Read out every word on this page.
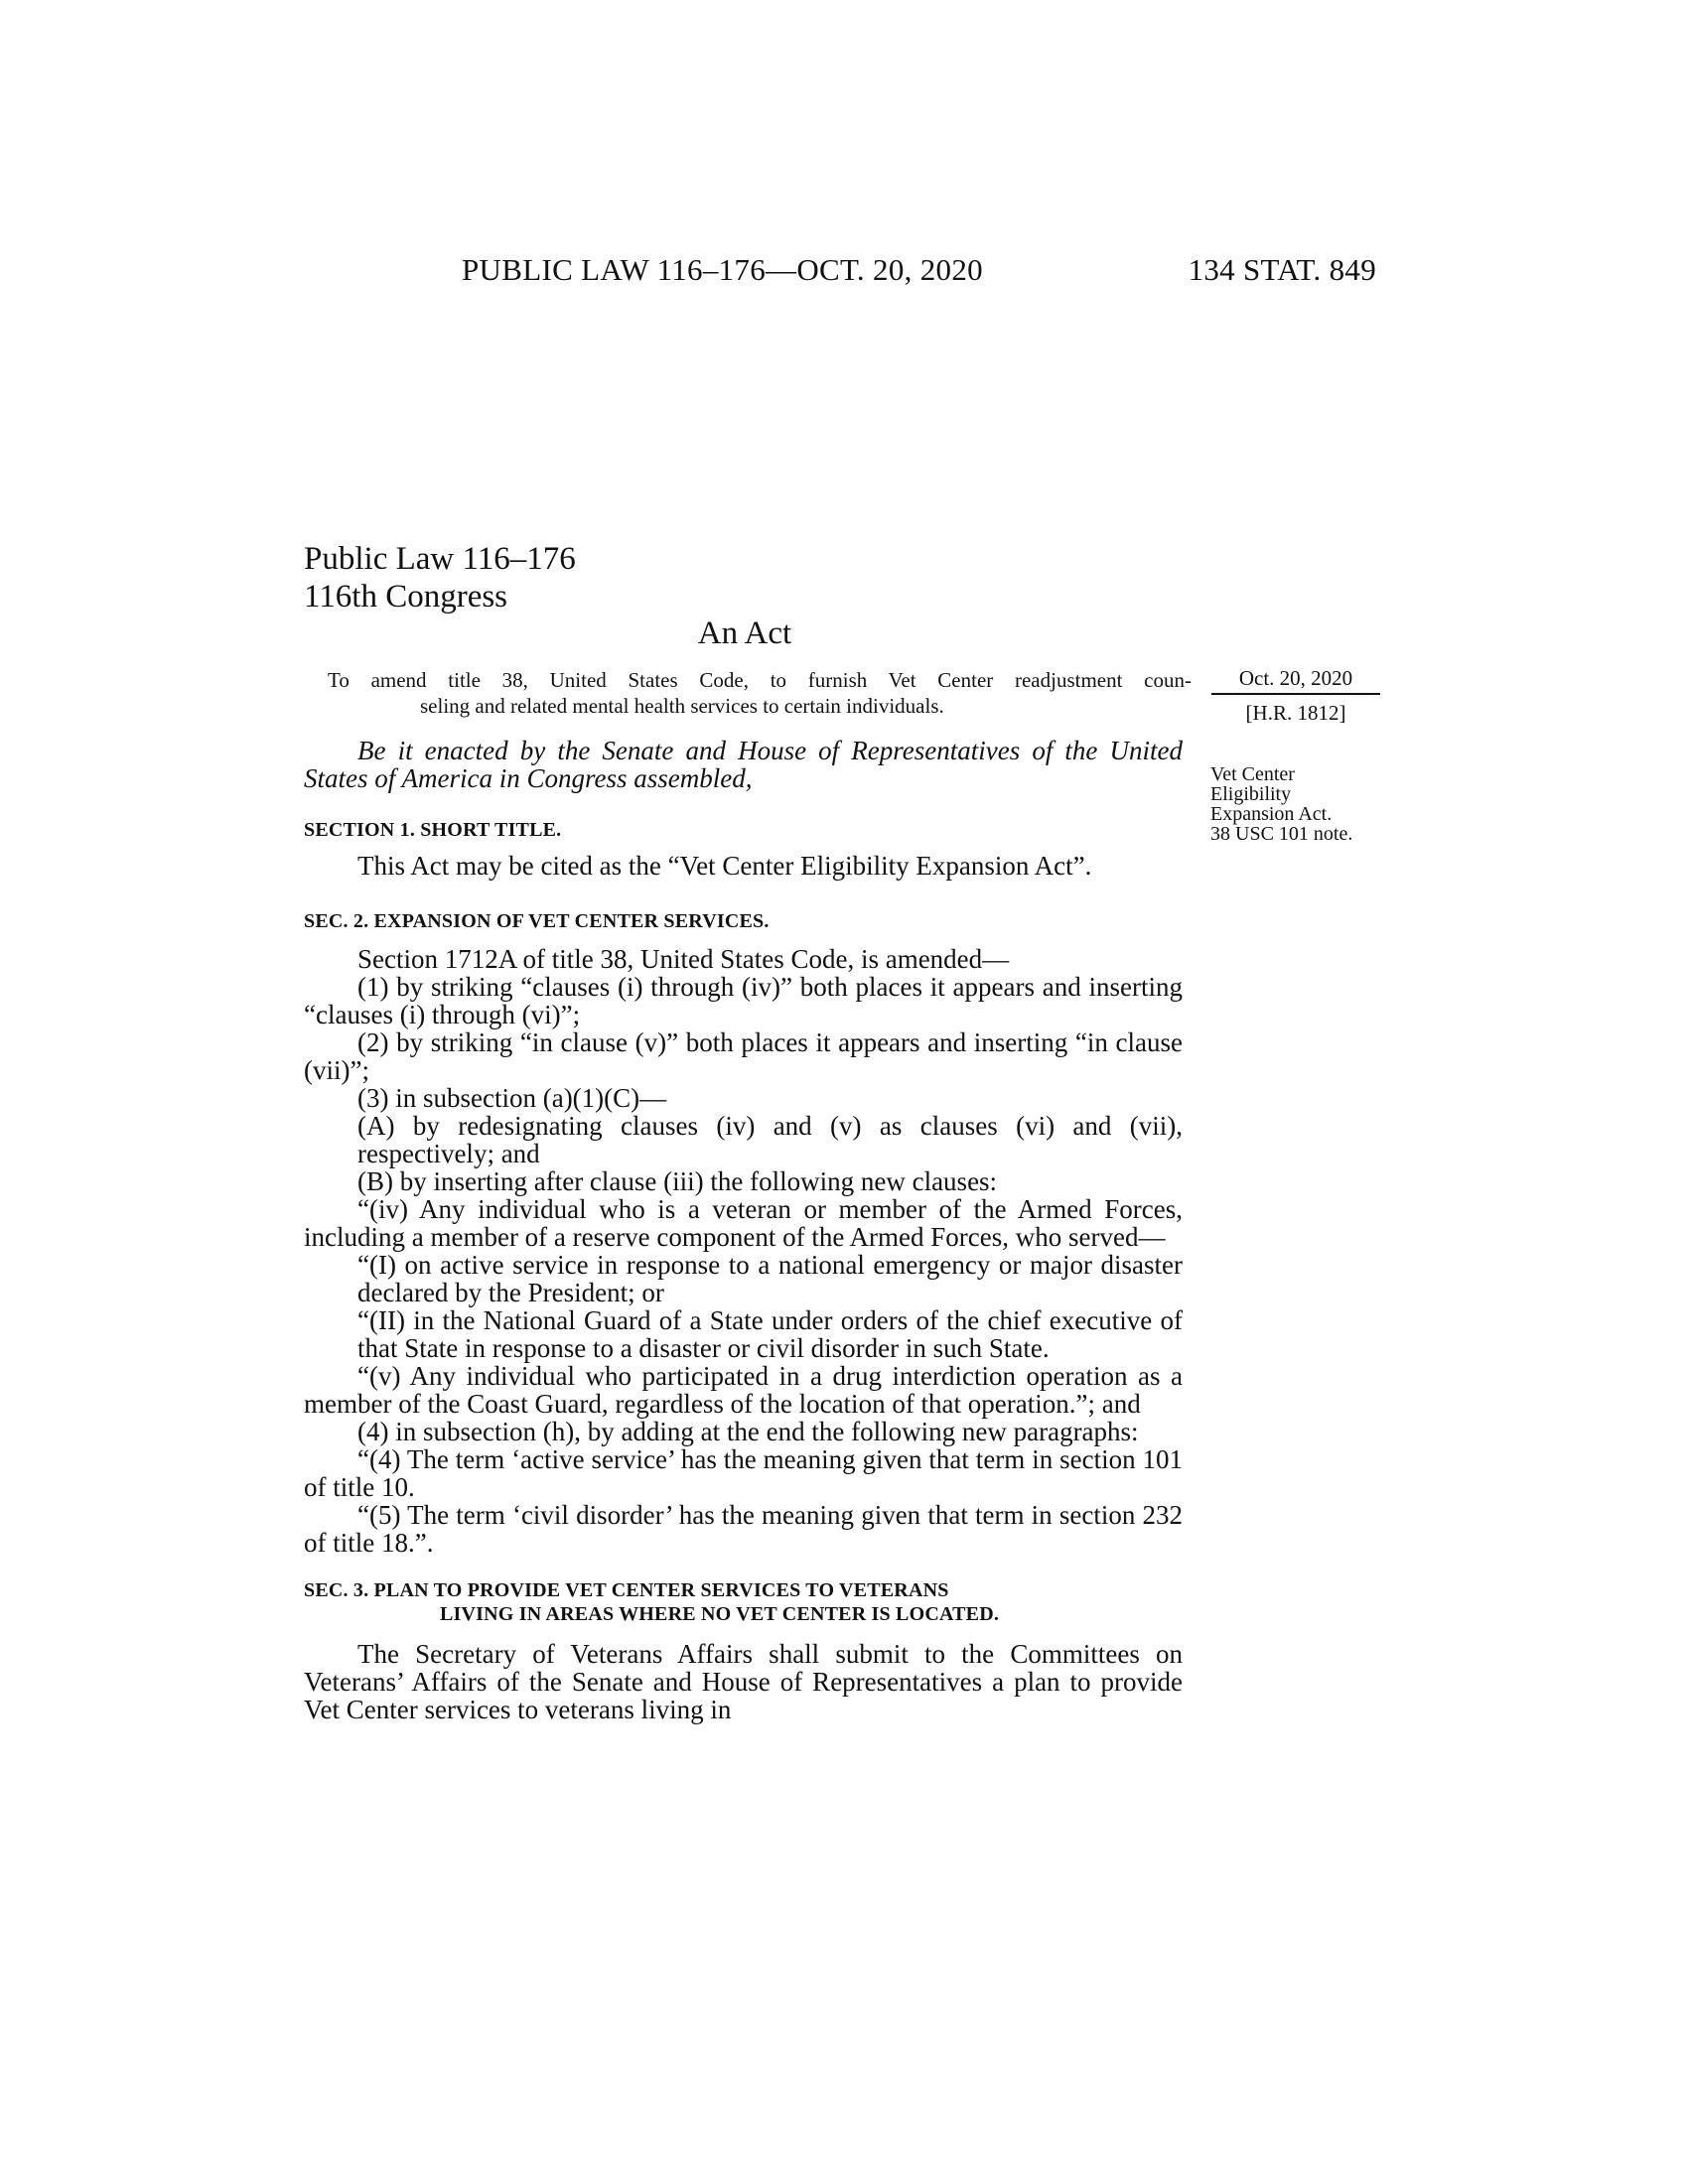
PUBLIC LAW 116–176—OCT. 20, 2020	134 STAT. 849
Public Law 116–176
116th Congress
An Act
To amend title 38, United States Code, to furnish Vet Center readjustment coun-
seling and related mental health services to certain individuals.
Oct. 20, 2020
[H.R. 1812]
Vet Center
Eligibility
Expansion Act.
38 USC 101 note.

Be it enacted by the Senate and House of Representatives of the United States of America in Congress assembled,

SECTION 1. SHORT TITLE.

This Act may be cited as the “Vet Center Eligibility Expansion Act”.

SEC. 2. EXPANSION OF VET CENTER SERVICES.

Section 1712A of title 38, United States Code, is amended—

(1) by striking “clauses (i) through (iv)” both places it appears and inserting “clauses (i) through (vi)”;

(2) by striking “in clause (v)” both places it appears and inserting “in clause (vii)”;

(3) in subsection (a)(1)(C)—

(A) by redesignating clauses (iv) and (v) as clauses (vi) and (vii), respectively; and

(B) by inserting after clause (iii) the following new clauses:

“(iv) Any individual who is a veteran or member of the Armed Forces, including a member of a reserve component of the Armed Forces, who served—

“(I) on active service in response to a national emergency or major disaster declared by the President; or

“(II) in the National Guard of a State under orders of the chief executive of that State in response to a disaster or civil disorder in such State.

“(v) Any individual who participated in a drug interdiction operation as a member of the Coast Guard, regardless of the location of that operation.”; and

(4) in subsection (h), by adding at the end the following new paragraphs:

“(4) The term ‘active service’ has the meaning given that term in section 101 of title 10.

“(5) The term ‘civil disorder’ has the meaning given that term in section 232 of title 18.”.

SEC. 3. PLAN TO PROVIDE VET CENTER SERVICES TO VETERANS
LIVING IN AREAS WHERE NO VET CENTER IS LOCATED.

The Secretary of Veterans Affairs shall submit to the Committees on Veterans’ Affairs of the Senate and House of Representatives a plan to provide Vet Center services to veterans living in
